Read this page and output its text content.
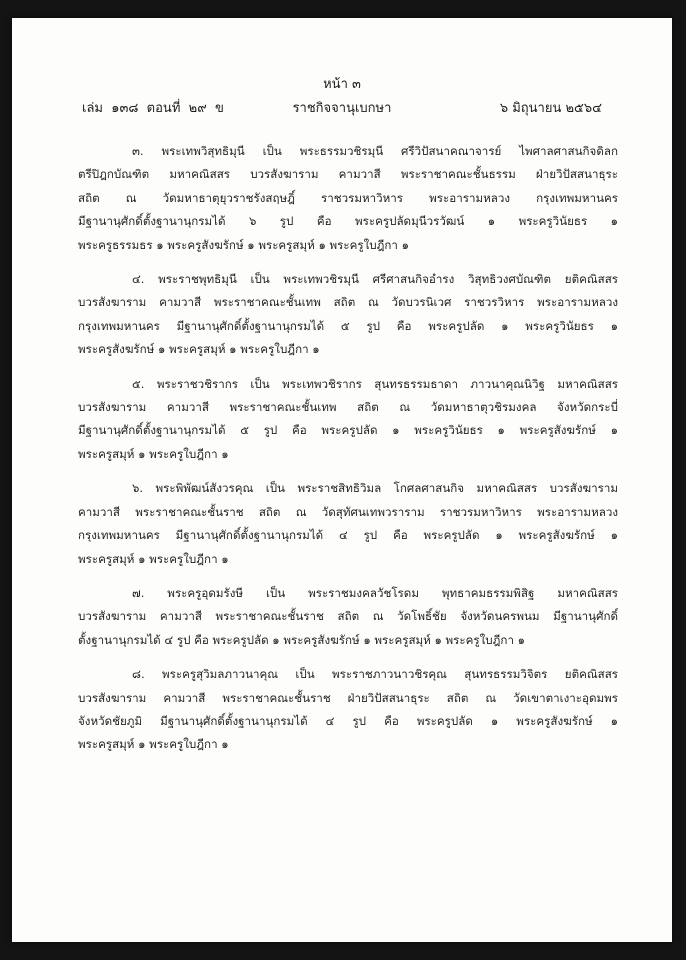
หน้า ๓
เล่ม  ๑๓๘  ตอนที่  ๒๙  ข	ราชกิจจานุเบกษา	๖ มิถุนายน ๒๕๖๔
๓. พระเทพวิสุทธิมุนี เป็น พระธรรมวชิรมุนี ศรีวิปัสนาคณาจารย์ ไพศาลศาสนกิจดิลก
ตรีปิฎกบัณฑิต มหาคณิสสร บวรสังฆาราม คามวาสี พระราชาคณะชั้นธรรม ฝ่ายวิปัสสนาธุระ
สถิต ณ วัดมหาธาตุยุวราชรังสฤษฎิ์ ราชวรมหาวิหาร พระอารามหลวง กรุงเทพมหานคร
มีฐานานุศักดิ์ตั้งฐานานุกรมได้ ๖ รูป คือ พระครูปลัดมุนีวรวัฒน์ ๑ พระครูวินัยธร ๑
พระครูธรรมธร ๑ พระครูสังฆรักษ์ ๑ พระครูสมุห์ ๑ พระครูใบฎีกา ๑
๔. พระราชพุทธิมุนี เป็น พระเทพวชิรมุนี ศรีศาสนกิจอำรง วิสุทธิวงศบัณฑิต ยติคณิสสร
บวรสังฆาราม คามวาสี พระราชาคณะชั้นเทพ สถิต ณ วัดบวรนิเวศ ราชวรวิหาร พระอารามหลวง
กรุงเทพมหานคร มีฐานานุศักดิ์ตั้งฐานานุกรมได้ ๕ รูป คือ พระครูปลัด ๑ พระครูวินัยธร ๑
พระครูสังฆรักษ์ ๑ พระครูสมุห์ ๑ พระครูใบฎีกา ๑
๕. พระราชวชิรากร เป็น พระเทพวชิรากร สุนทรธรรมธาดา ภาวนาคุณนิวิฐ มหาคณิสสร
บวรสังฆาราม คามวาสี พระราชาคณะชั้นเทพ สถิต ณ วัดมหาธาตุวชิรมงคล จังหวัดกระบี่
มีฐานานุศักดิ์ตั้งฐานานุกรมได้ ๕ รูป คือ พระครูปลัด ๑ พระครูวินัยธร ๑ พระครูสังฆรักษ์ ๑
พระครูสมุห์ ๑ พระครูใบฎีกา ๑
๖. พระพิพัฒน์สังวรคุณ เป็น พระราชสิทธิวิมล โกศลศาสนกิจ มหาคณิสสร บวรสังฆาราม
คามวาสี พระราชาคณะชั้นราช สถิต ณ วัดสุทัศนเทพวราราม ราชวรมหาวิหาร พระอารามหลวง
กรุงเทพมหานคร มีฐานานุศักดิ์ตั้งฐานานุกรมได้ ๔ รูป คือ พระครูปลัด ๑ พระครูสังฆรักษ์ ๑
พระครูสมุห์ ๑ พระครูใบฎีกา ๑
๗. พระครูอุดมรังษี เป็น พระราชมงคลวัชโรดม พุทธาคมธรรมพิสิฐ มหาคณิสสร
บวรสังฆาราม คามวาสี พระราชาคณะชั้นราช สถิต ณ วัดโพธิ์ชัย จังหวัดนครพนม มีฐานานุศักดิ์
ตั้งฐานานุกรมได้ ๔ รูป คือ พระครูปลัด ๑ พระครูสังฆรักษ์ ๑ พระครูสมุห์ ๑ พระครูใบฎีกา ๑
๘. พระครูสุวิมลภาวนาคุณ เป็น พระราชภาวนาวชิรคุณ สุนทรธรรมวิจิตร ยติคณิสสร
บวรสังฆาราม คามวาสี พระราชาคณะชั้นราช ฝ่ายวิปัสสนาธุระ สถิต ณ วัดเขาตาเงาะอุดมพร
จังหวัดชัยภูมิ มีฐานานุศักดิ์ตั้งฐานานุกรมได้ ๔ รูป คือ พระครูปลัด ๑ พระครูสังฆรักษ์ ๑
พระครูสมุห์ ๑ พระครูใบฎีกา ๑
